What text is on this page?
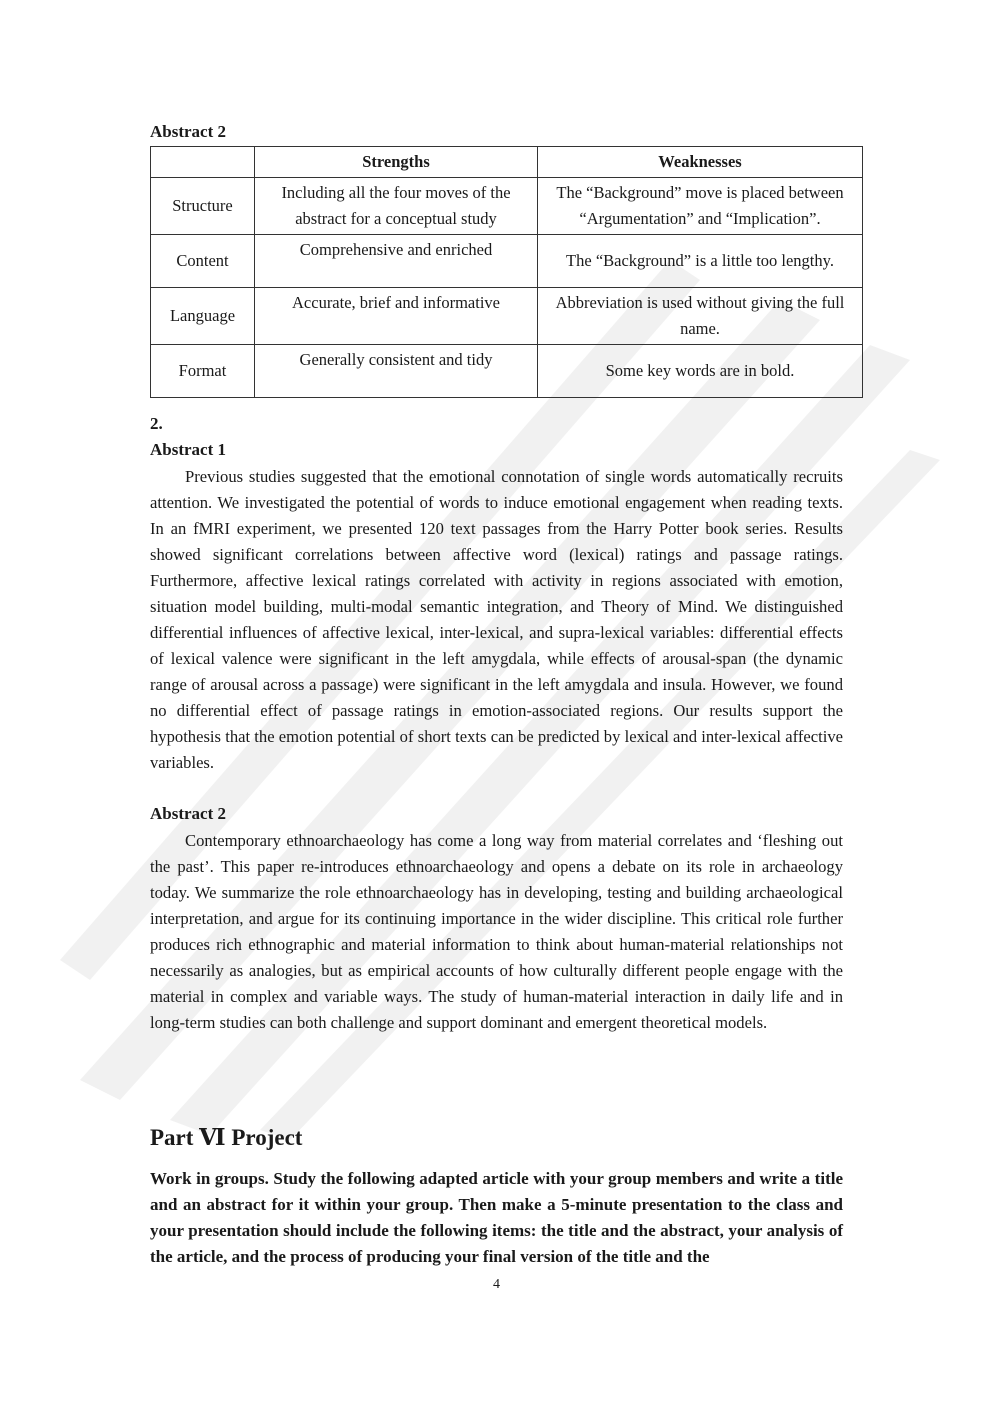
Abstract 2
	Strengths	Weaknesses
Structure	Including all the four moves of the abstract for a conceptual study	The “Background” move is placed between “Argumentation” and “Implication”.
Content	Comprehensive and enriched	The “Background” is a little too lengthy.
Language	Accurate, brief and informative	Abbreviation is used without giving the full name.
Format	Generally consistent and tidy	Some key words are in bold.
2.
Abstract 1

Previous studies suggested that the emotional connotation of single words automatically recruits attention. We investigated the potential of words to induce emotional engagement when reading texts. In an fMRI experiment, we presented 120 text passages from the Harry Potter book series. Results showed significant correlations between affective word (lexical) ratings and passage ratings. Furthermore, affective lexical ratings correlated with activity in regions associated with emotion, situation model building, multi-modal semantic integration, and Theory of Mind. We distinguished differential influences of affective lexical, inter-lexical, and supra-lexical variables: differential effects of lexical valence were significant in the left amygdala, while effects of arousal-span (the dynamic range of arousal across a passage) were significant in the left amygdala and insula. However, we found no differential effect of passage ratings in emotion-associated regions. Our results support the hypothesis that the emotion potential of short texts can be predicted by lexical and inter-lexical affective variables.

Abstract 2

Contemporary ethnoarchaeology has come a long way from material correlates and ‘fleshing out the past’. This paper re-introduces ethnoarchaeology and opens a debate on its role in archaeology today. We summarize the role ethnoarchaeology has in developing, testing and building archaeological interpretation, and argue for its continuing importance in the wider discipline. This critical role further produces rich ethnographic and material information to think about human-material relationships not necessarily as analogies, but as empirical accounts of how culturally different people engage with the material in complex and variable ways. The study of human-material interaction in daily life and in long-term studies can both challenge and support dominant and emergent theoretical models.

Part Ⅵ Project

Work in groups. Study the following adapted article with your group members and write a title and an abstract for it within your group. Then make a 5-minute presentation to the class and your presentation should include the following items: the title and the abstract, your analysis of the article, and the process of producing your final version of the title and the

4
